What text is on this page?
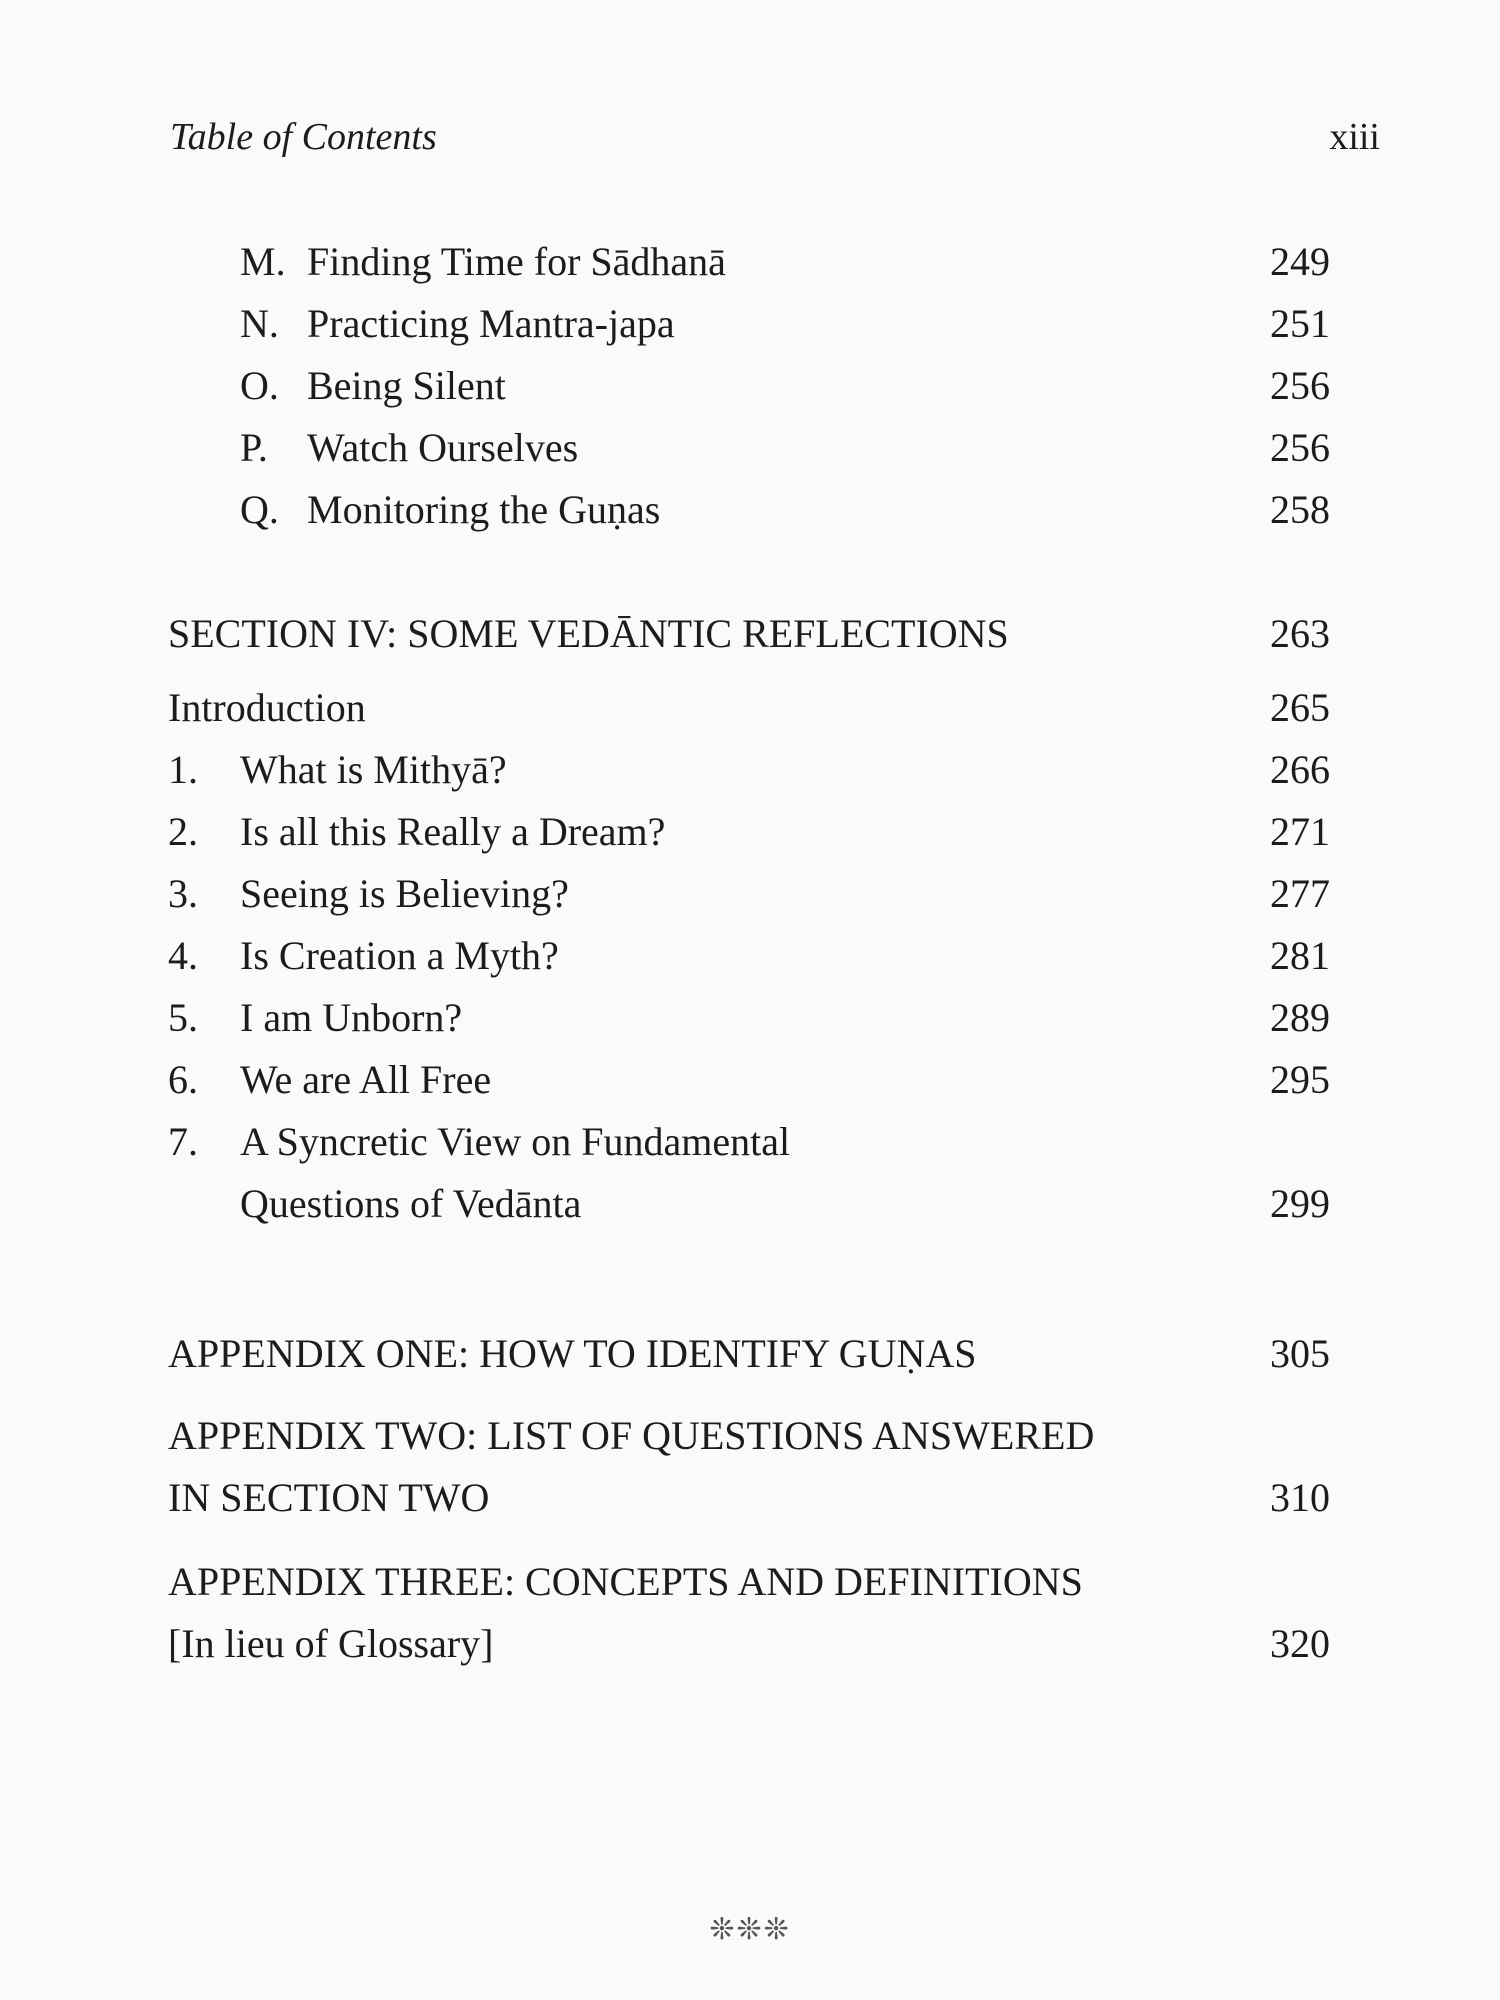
Table of Contents	xiii
M. Finding Time for Sādhanā	249
N. Practicing Mantra-japa	251
O. Being Silent	256
P. Watch Ourselves	256
Q. Monitoring the Guṇas	258
SECTION IV: SOME VEDĀNTIC REFLECTIONS	263
Introduction	265
1. What is Mithyā?	266
2. Is all this Really a Dream?	271
3. Seeing is Believing?	277
4. Is Creation a Myth?	281
5. I am Unborn?	289
6. We are All Free	295
7. A Syncretic View on Fundamental
Questions of Vedānta	299
APPENDIX ONE: HOW TO IDENTIFY GUṆAS	305
APPENDIX TWO: LIST OF QUESTIONS ANSWERED
IN SECTION TWO	310
APPENDIX THREE: CONCEPTS AND DEFINITIONS
[In lieu of Glossary]	320
❊❊❊
